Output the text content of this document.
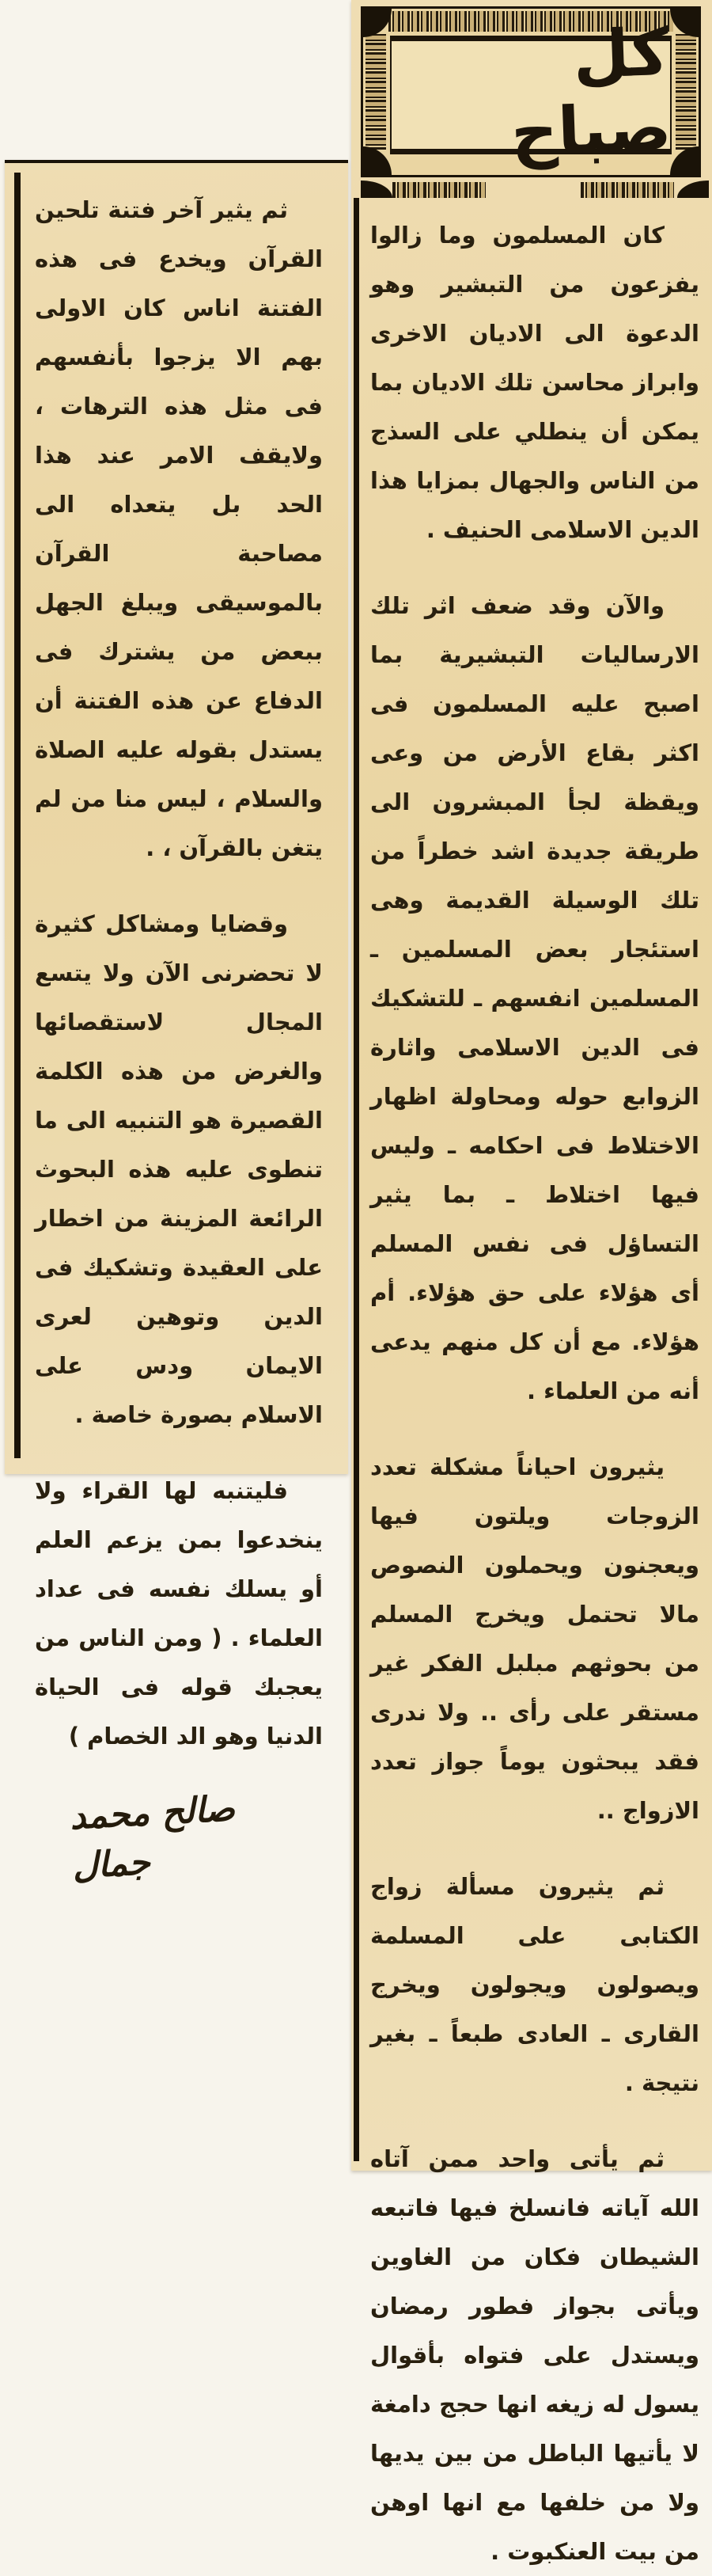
كل صباح

كان المسلمون وما زالوا يفزعون من التبشير وهو الدعوة الى الاديان الاخرى وابراز محاسن تلك الاديان بما يمكن أن ينطلي على السذج من الناس والجهال بمزايا هذا الدين الاسلامى الحنيف .

والآن وقد ضعف اثر تلك الارساليات التبشيرية بما اصبح عليه المسلمون فى اكثر بقاع الأرض من وعى ويقظة لجأ المبشرون الى طريقة جديدة اشد خطراً من تلك الوسيلة القديمة وهى استئجار بعض المسلمين ـ المسلمين انفسهم ـ للتشكيك فى الدين الاسلامى واثارة الزوابع حوله ومحاولة اظهار الاختلاط فى احكامه ـ وليس فيها اختلاط ـ بما يثير التساؤل فى نفس المسلم أى هؤلاء على حق هؤلاء. أم هؤلاء. مع أن كل منهم يدعى أنه من العلماء .

يثيرون احياناً مشكلة تعدد الزوجات ويلتون فيها ويعجنون ويحملون النصوص مالا تحتمل ويخرج المسلم من بحوثهم مبلبل الفكر غير مستقر على رأى .. ولا ندرى فقد يبحثون يوماً جواز تعدد الازواج ..

ثم يثيرون مسألة زواج الكتابى على المسلمة ويصولون ويجولون ويخرج القارى ـ العادى طبعاً ـ بغير نتيجة .

ثم يأتى واحد ممن آتاه الله آياته فانسلخ فيها فاتبعه الشيطان فكان من الغاوين ويأتى بجواز فطور رمضان ويستدل على فتواه بأقوال يسول له زيغه انها حجج دامغة لا يأتيها الباطل من بين يديها ولا من خلفها مع انها اوهن من بيت العنكبوت .

ثم يثير آخر فتنة تلحين القرآن ويخدع فى هذه الفتنة اناس كان الاولى بهم الا يزجوا بأنفسهم فى مثل هذه الترهات ، ولايقف الامر عند هذا الحد بل يتعداه الى مصاحبة القرآن بالموسيقى ويبلغ الجهل ببعض من يشترك فى الدفاع عن هذه الفتنة أن يستدل بقوله عليه الصلاة والسلام ، ليس منا من لم يتغن بالقرآن ، .

وقضايا ومشاكل كثيرة لا تحضرنى الآن ولا يتسع المجال لاستقصائها والغرض من هذه الكلمة القصيرة هو التنبيه الى ما تنطوى عليه هذه البحوث الرائعة المزينة من اخطار على العقيدة وتشكيك فى الدين وتوهين لعرى الايمان ودس على الاسلام بصورة خاصة .

فليتنبه لها القراء ولا ينخدعوا بمن يزعم العلم أو يسلك نفسه فى عداد العلماء . ( ومن الناس من يعجبك قوله فى الحياة الدنيا وهو الد الخصام )

صالح محمد جمال
